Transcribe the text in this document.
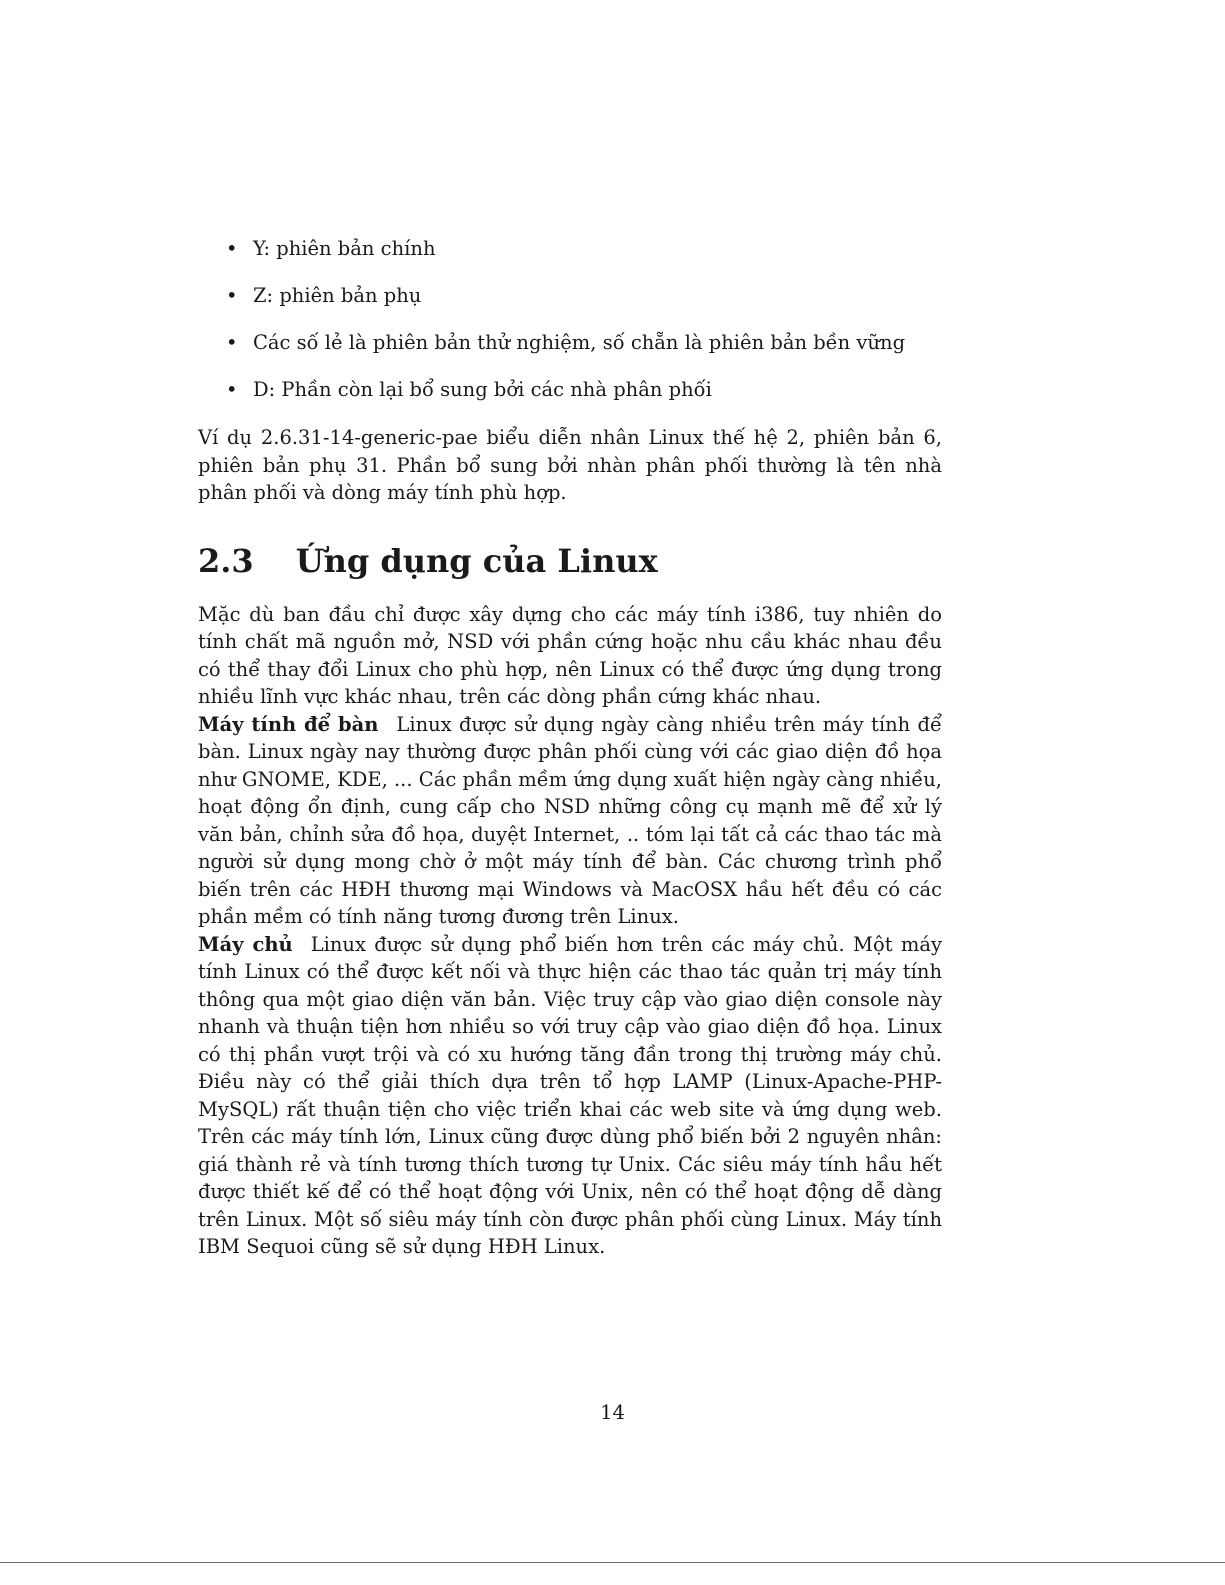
• Y: phiên bản chính
• Z: phiên bản phụ
• Các số lẻ là phiên bản thử nghiệm, số chẵn là phiên bản bền vững
• D: Phần còn lại bổ sung bởi các nhà phân phối

Ví dụ 2.6.31-14-generic-pae biểu diễn nhân Linux thế hệ 2, phiên bản 6, phiên bản phụ 31. Phần bổ sung bởi nhàn phân phối thường là tên nhà phân phối và dòng máy tính phù hợp.

2.3 Ứng dụng của Linux

Mặc dù ban đầu chỉ được xây dựng cho các máy tính i386, tuy nhiên do tính chất mã nguồn mở, NSD với phần cứng hoặc nhu cầu khác nhau đều có thể thay đổi Linux cho phù hợp, nên Linux có thể được ứng dụng trong nhiều lĩnh vực khác nhau, trên các dòng phần cứng khác nhau.

Máy tính để bàn Linux được sử dụng ngày càng nhiều trên máy tính để bàn. Linux ngày nay thường được phân phối cùng với các giao diện đồ họa như GNOME, KDE, ... Các phần mềm ứng dụng xuất hiện ngày càng nhiều, hoạt động ổn định, cung cấp cho NSD những công cụ mạnh mẽ để xử lý văn bản, chỉnh sửa đồ họa, duyệt Internet, .. tóm lại tất cả các thao tác mà người sử dụng mong chờ ở một máy tính để bàn. Các chương trình phổ biến trên các HĐH thương mại Windows và MacOSX hầu hết đều có các phần mềm có tính năng tương đương trên Linux.

Máy chủ Linux được sử dụng phổ biến hơn trên các máy chủ. Một máy tính Linux có thể được kết nối và thực hiện các thao tác quản trị máy tính thông qua một giao diện văn bản. Việc truy cập vào giao diện console này nhanh và thuận tiện hơn nhiều so với truy cập vào giao diện đồ họa. Linux có thị phần vượt trội và có xu hướng tăng đần trong thị trường máy chủ. Điều này có thể giải thích dựa trên tổ hợp LAMP (Linux-Apache-PHP-MySQL) rất thuận tiện cho việc triển khai các web site và ứng dụng web. Trên các máy tính lớn, Linux cũng được dùng phổ biến bởi 2 nguyên nhân: giá thành rẻ và tính tương thích tương tự Unix. Các siêu máy tính hầu hết được thiết kế để có thể hoạt động với Unix, nên có thể hoạt động dễ dàng trên Linux. Một số siêu máy tính còn được phân phối cùng Linux. Máy tính IBM Sequoi cũng sẽ sử dụng HĐH Linux.

14
